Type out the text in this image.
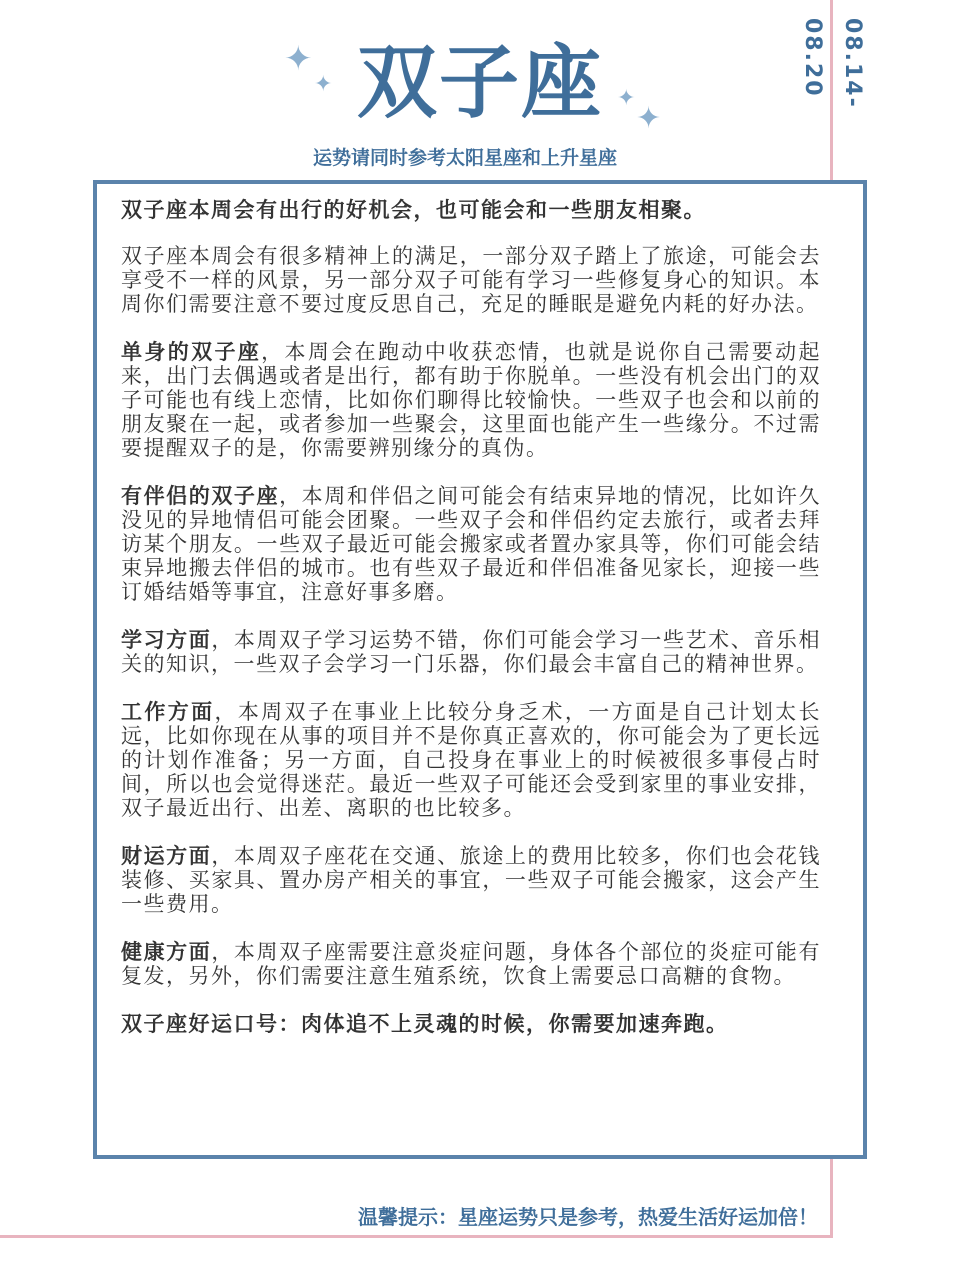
✦
✦ 双子座 ✦
✦
运势请同时参考太阳星座和上升星座
08.14-08.20

双子座本周会有出行的好机会，也可能会和一些朋友相聚。

双子座本周会有很多精神上的满足，一部分双子踏上了旅途，可能会去享受不一样的风景，另一部分双子可能有学习一些修复身心的知识。本周你们需要注意不要过度反思自己，充足的睡眠是避免内耗的好办法。

单身的双子座，本周会在跑动中收获恋情，也就是说你自己需要动起来，出门去偶遇或者是出行，都有助于你脱单。一些没有机会出门的双子可能也有线上恋情，比如你们聊得比较愉快。一些双子也会和以前的朋友聚在一起，或者参加一些聚会，这里面也能产生一些缘分。不过需要提醒双子的是，你需要辨别缘分的真伪。

有伴侣的双子座，本周和伴侣之间可能会有结束异地的情况，比如许久没见的异地情侣可能会团聚。一些双子会和伴侣约定去旅行，或者去拜访某个朋友。一些双子最近可能会搬家或者置办家具等，你们可能会结束异地搬去伴侣的城市。也有些双子最近和伴侣准备见家长，迎接一些订婚结婚等事宜，注意好事多磨。

学习方面，本周双子学习运势不错，你们可能会学习一些艺术、音乐相关的知识，一些双子会学习一门乐器，你们最会丰富自己的精神世界。

工作方面，本周双子在事业上比较分身乏术，一方面是自己计划太长远，比如你现在从事的项目并不是你真正喜欢的，你可能会为了更长远的计划作准备；另一方面，自己投身在事业上的时候被很多事侵占时间，所以也会觉得迷茫。最近一些双子可能还会受到家里的事业安排，双子最近出行、出差、离职的也比较多。

财运方面，本周双子座花在交通、旅途上的费用比较多，你们也会花钱装修、买家具、置办房产相关的事宜，一些双子可能会搬家，这会产生一些费用。

健康方面，本周双子座需要注意炎症问题，身体各个部位的炎症可能有复发，另外，你们需要注意生殖系统，饮食上需要忌口高糖的食物。

双子座好运口号：肉体追不上灵魂的时候，你需要加速奔跑。

温馨提示：星座运势只是参考，热爱生活好运加倍！
